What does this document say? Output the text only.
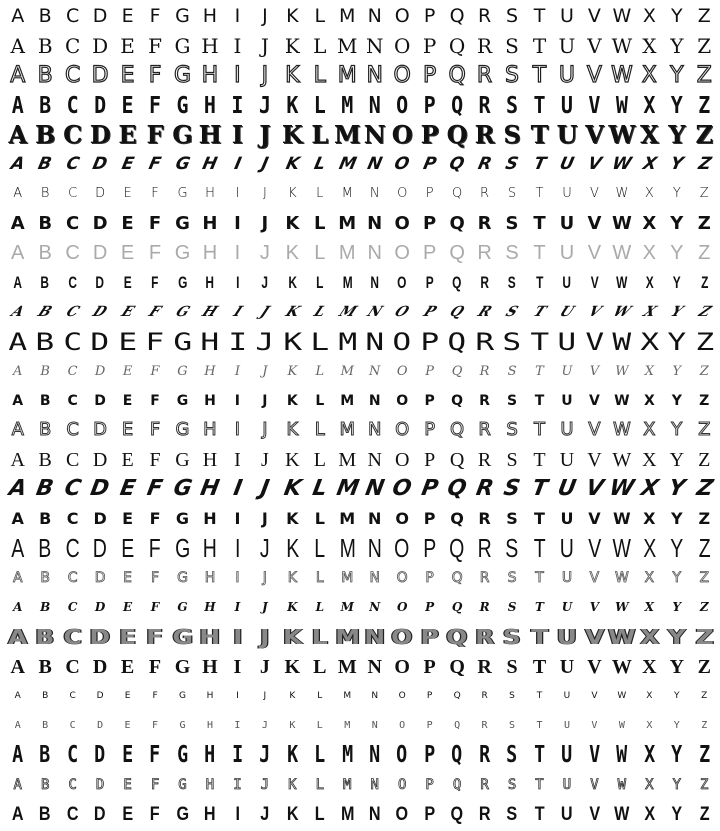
A B C D E F G H I	J K L M N O P Q R S T U V W X Y Z
A B C D E F G H I J K L M N O P Q R S T U V W X Y Z
A B C D E F G H I J K L M N O P Q R S T U V W X Y Z
A B C D E F G H I J K L M N O P Q R S T U V W X Y Z
A B C D E F G H I J K L M N O P Q R S T U V W X Y Z
A B C D E F G H I J K L M N O P Q R S T U V W X Y Z
A	B	C	D	E	F	G	H	I	J	K	L	M	N	O	P	Q	R	S	T	U	V	W	X	Y	Z
A B C D E F G H I	J K L M N O P Q R S T U V W X Y Z
A B C D E F G H I J K L M N O P Q R S T U V W X Y Z
A	B	C	D	E	F	G	H	I	J	K	L	M	N	O	P	Q	R	S	T	U	V	W	X	Y	Z
A B C D E F G H I J K L M N O P Q R S T U V W X Y Z
A B C D E F G H I J K L M N O P Q R S T U V W X Y Z
A	B	C	D	E	F	G	H	I	J	K	L	M	N	O	P	Q	R	S	T	U	V	W	X	Y	Z
A	B	C	D	E	F	G	H	I	J	K	L	M	N	O	P	Q	R	S	T	U	V	W	X	Y	Z
A B C D E F G H	I	J	K L M N O P Q R S T U V W X Y Z
A B C D E F G H I	J K L M N O P Q R S T U V W X Y Z
A B C D E F G H I J K L M N O P Q R S T U V W X Y Z
A B C D E	F G H	I	J	K	L M N O P Q R S	T U V W X Y Z
A B C D E F G H I J K L M N O P Q R S T U V W X Y Z
A	B	C	D	E	F	G	H	I	J	K	L	M	N	O	P	Q	R	S	T	U	V	W	X	Y	Z
A	B	C	D	E	F	G	H	I	J	K	L	M	N	O	P	Q	R	S	T	U	V	W	X	Y	Z
A B C D E F G H I J K L M N O P Q R S T U V W X Y Z
A B C D E F G H I J K L M N O P Q R S T U V W X Y Z
A	B	C	D	E	F	G	H	I	J	K	L	M	N	O	P	Q	R	S	T	U	V	W	X	Y	Z
A	B	C	D	E	F	G	H	I	J	K	L	M	N	O	P	Q	R	S	T	U	V	W	X	Y	Z
A B C D E F G H I J K L M N O P Q R S T U V W X Y Z
A	B	C	D	E	F	G	H	I	J	K	L	M	N	O	P	Q	R	S	T	U	V	W	X	Y	Z
A B C D E F G H	I	J K L M N O P Q R S T U V W X Y Z
